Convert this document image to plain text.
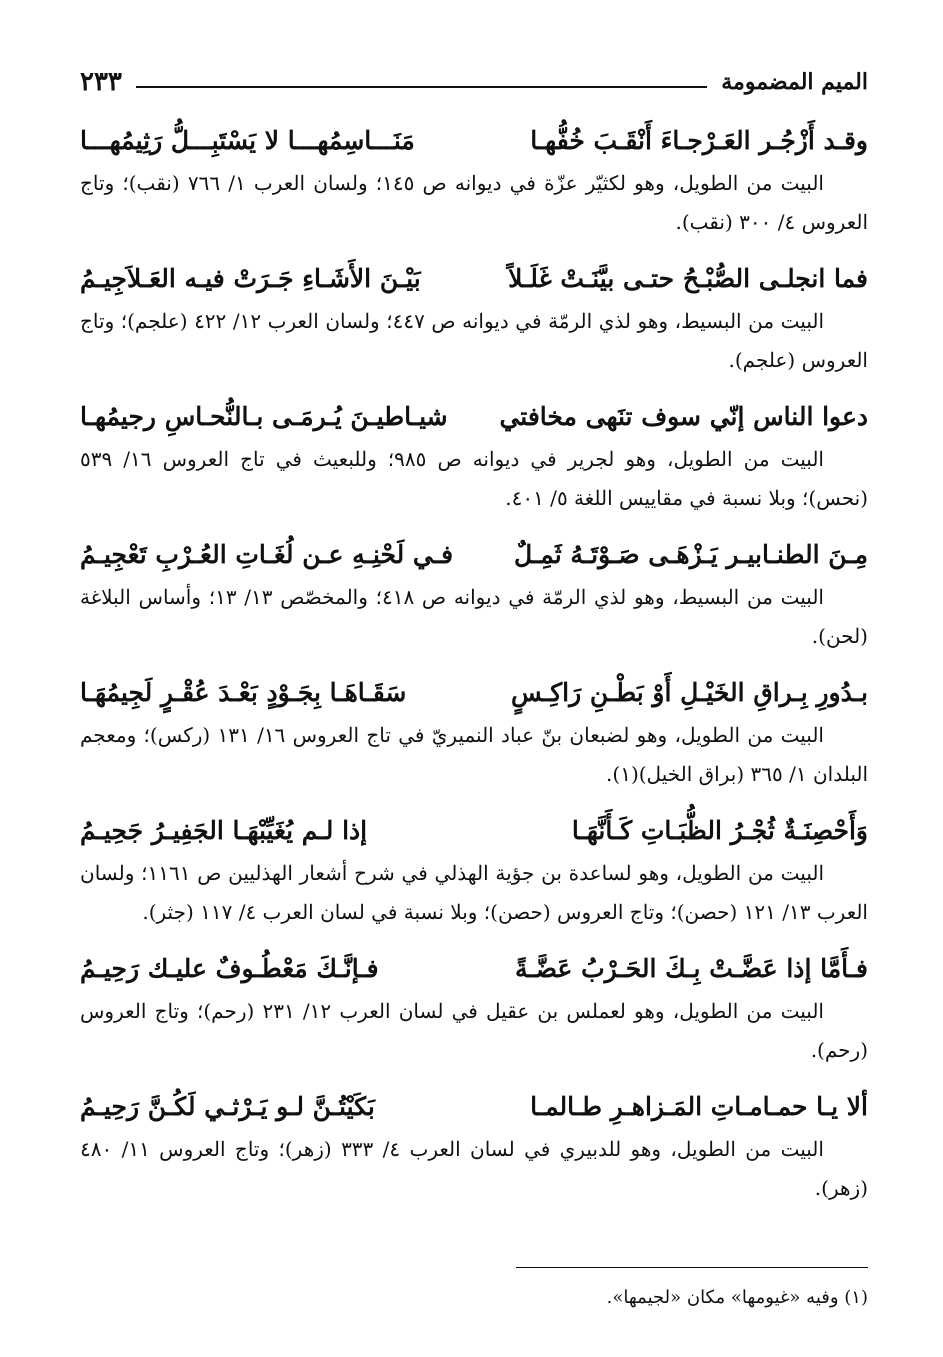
الميم المضمومة
٢٣٣
وقـد أَزْجُـر العَـرْجـاءَ أَنْقَـبَ خُفُّهـا
مَنَـــاسِمُهـــا لا يَسْتَبِـــلُّ رَثِيمُهـــا
البيت من الطويل، وهو لكثيّر عزّة في ديوانه ص ١٤٥؛ ولسان العرب ١/ ٧٦٦ (نقب)؛ وتاج العروس ٤/ ٣٠٠ (نقب).
فما انجلـى الصُّبْـحُ حتـى بيَّنَـتْ غَلَـلاً
بَيْـنَ الأَشَـاءِ جَـرَتْ فيـه العَـلاَجِيـمُ
البيت من البسيط، وهو لذي الرمّة في ديوانه ص ٤٤٧؛ ولسان العرب ١٢/ ٤٢٢ (علجم)؛ وتاج العروس (علجم).
دعوا الناس إنّي سوف تنَهى مخافتي
شيـاطيـنَ يُـرمَـى بـالنُّحـاسِ رجيمُهـا
البيت من الطويل، وهو لجرير في ديوانه ص ٩٨٥؛ وللبعيث في تاج العروس ١٦/ ٥٣٩ (نحس)؛ وبلا نسبة في مقاييس اللغة ٥/ ٤٠١.
مِـنَ الطنـابيـر يَـزْهَـى صَـوْتَـهُ ثَمِـلٌ
فـي لَحْنِـهِ عـن لُغَـاتِ العُـرْبِ تَعْجِيـمُ
البيت من البسيط، وهو لذي الرمّة في ديوانه ص ٤١٨؛ والمخصّص ١٣/ ١٣؛ وأساس البلاغة (لحن).
بـدُورِ بِـراقِ الخَيْـلِ أَوْ بَطْـنِ رَاكِـسٍ
سَقَـاهَـا بِجَـوْدٍ بَعْـدَ عُقْـرٍ لَجِيمُهَـا
البيت من الطويل، وهو لضبعان بنّ عباد النميريّ في تاج العروس ١٦/ ١٣١ (ركس)؛ ومعجم البلدان ١/ ٣٦٥ (براق الخيل)(١).
وَأَحْصِنَـةٌ ثُجْـرُ الظُّبَـاتِ كَـأَنَّهَـا
إذا لـم يُغَيِّبْهَـا الجَفِيـرُ جَحِيـمُ
البيت من الطويل، وهو لساعدة بن جؤية الهذلي في شرح أشعار الهذليين ص ١١٦١؛ ولسان العرب ١٣/ ١٢١ (حصن)؛ وتاج العروس (حصن)؛ وبلا نسبة في لسان العرب ٤/ ١١٧ (جثر).
فـأَمَّا إذا عَضَّـتْ بِـكَ الحَـرْبُ عَضَّـةً
فـإنَّـكَ مَعْطُـوفٌ عليـك رَحِيـمُ
البيت من الطويل، وهو لعملس بن عقيل في لسان العرب ١٢/ ٢٣١ (رحم)؛ وتاج العروس (رحم).
ألا يـا حمـامـاتِ المَـزاهـرِ طـالمـا
بَكَيْتُـنَّ لـو يَـرْثـي لَكُـنَّ رَحِيـمُ
البيت من الطويل، وهو للدبيري في لسان العرب ٤/ ٣٣٣ (زهر)؛ وتاج العروس ١١/ ٤٨٠ (زهر).
(١) وفيه «غيومها» مكان «لجيمها».
